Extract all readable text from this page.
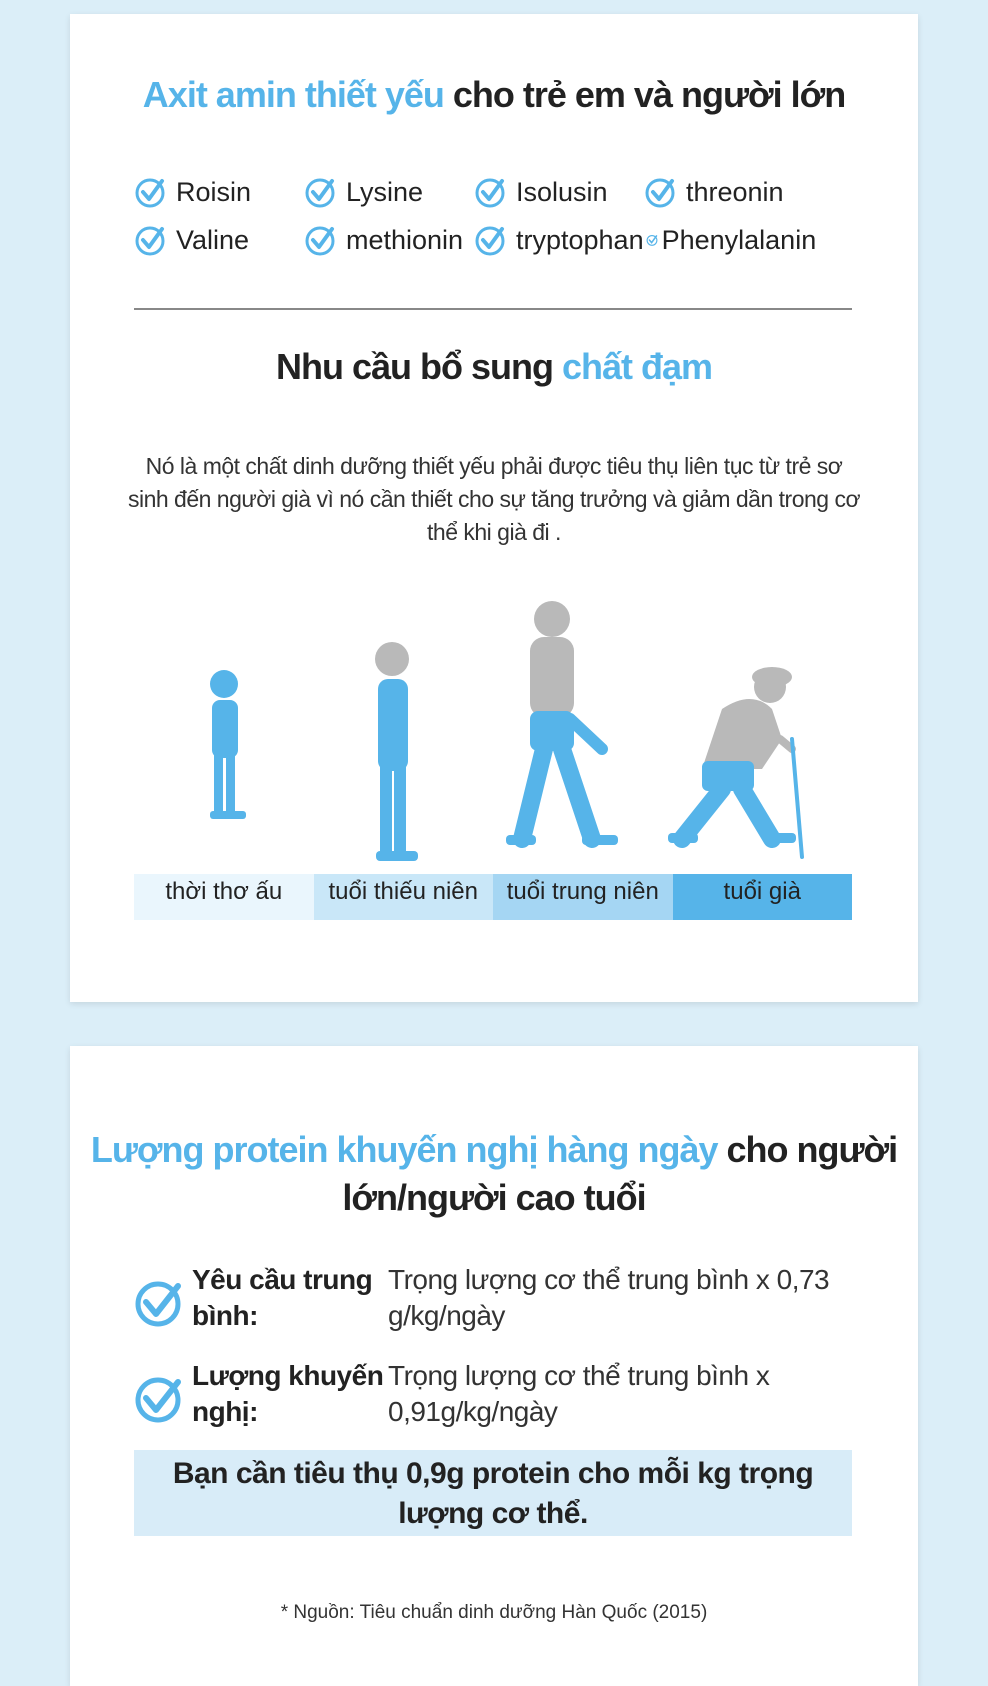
Axit amin thiết yếu cho trẻ em và người lớn
Roisin	Lysine	Isolusin	threonin
Valine	methionin tryptophan Phenylalanin
Nhu cầu bổ sung chất đạm
Nó là một chất dinh dưỡng thiết yếu phải được tiêu thụ liên tục từ trẻ sơ sinh đến người già vì nó cần thiết cho sự tăng trưởng và giảm dần trong cơ thể khi già đi .
thời thơ ấu	tuổi thiếu niên	tuổi trung niên	tuổi già
Lượng protein khuyến nghị hàng ngày cho người lớn/người cao tuổi
Yêu cầu trung bình:
Trọng lượng cơ thể trung bình x 0,73 g/kg/ngày
Lượng khuyến nghị:
Trọng lượng cơ thể trung bình x 0,91g/kg/ngày
Bạn cần tiêu thụ 0,9g protein cho mỗi kg trọng lượng cơ thể.
* Nguồn: Tiêu chuẩn dinh dưỡng Hàn Quốc (2015)
